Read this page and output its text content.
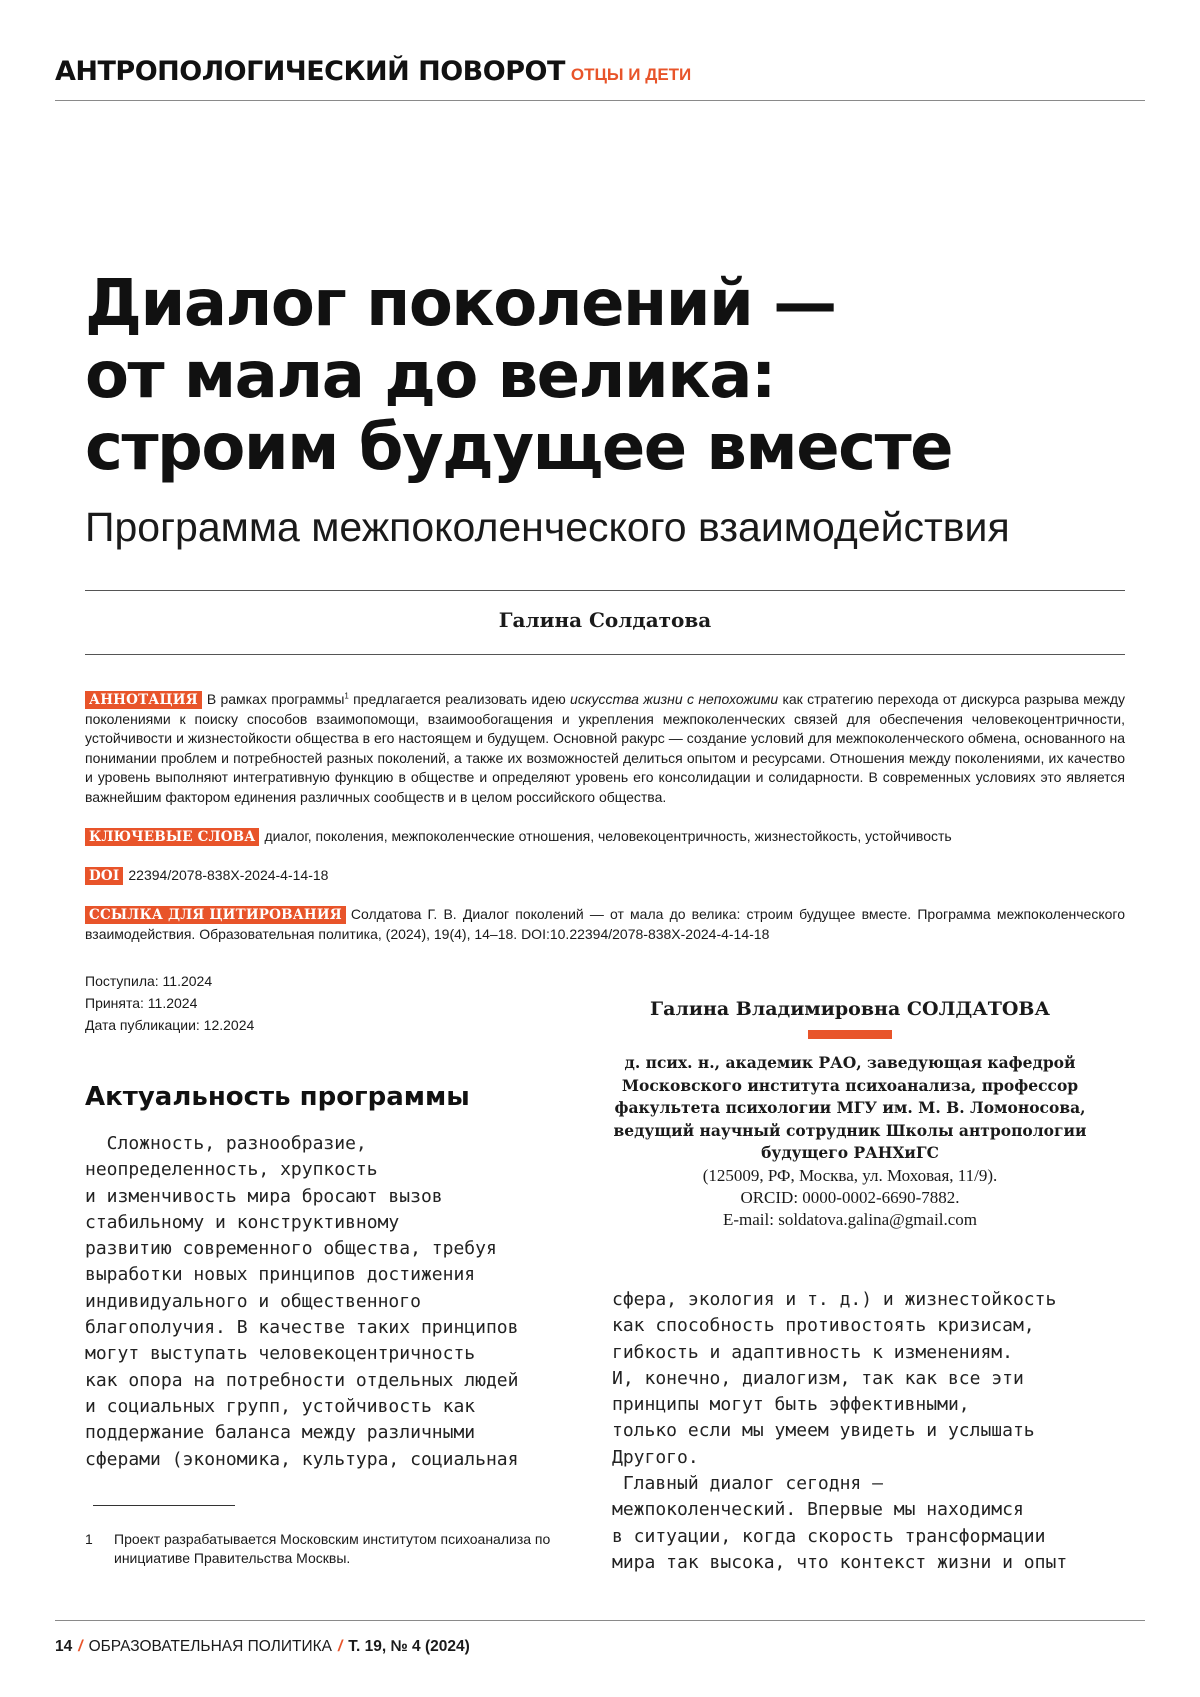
АНТРОПОЛОГИЧЕСКИЙ ПОВОРОТ ОТЦЫ И ДЕТИ
Диалог поколений —
от мала до велика:
строим будущее вместе
Программа межпоколенческого взаимодействия
Галина Солдатова
АННОТАЦИЯ В рамках программы1 предлагается реализовать идею искусства жизни с непохожими как стратегию перехода от дискурса разрыва между поколениями к поиску способов взаимопомощи, взаимообогащения и укрепления межпоколенческих связей для обеспечения человекоцентричности, устойчивости и жизнестойкости общества в его настоящем и будущем. Основной ракурс — создание условий для межпоколенческого обмена, основанного на понимании проблем и потребностей разных поколений, а также их возможностей делиться опытом и ресурсами. Отношения между поколениями, их качество и уровень выполняют интегративную функцию в обществе и определяют уровень его консолидации и солидарности. В современных условиях это является важнейшим фактором единения различных сообществ и в целом российского общества.
КЛЮЧЕВЫЕ СЛОВА диалог, поколения, межпоколенческие отношения, человекоцентричность, жизнестойкость, устойчивость
DOI 22394/2078-838X-2024-4-14-18
ССЫЛКА ДЛЯ ЦИТИРОВАНИЯ Солдатова Г. В. Диалог поколений — от мала до велика: строим будущее вместе. Программа межпоколенческого взаимодействия. Образовательная политика, (2024), 19(4), 14–18. DOI:10.22394/2078-838X-2024-4-14-18
Поступила: 11.2024
Принята: 11.2024
Дата публикации: 12.2024
Галина Владимировна СОЛДАТОВА
д. псих. н., академик РАО, заведующая кафедрой Московского института психоанализа, профессор факультета психологии МГУ им. М. В. Ломоносова, ведущий научный сотрудник Школы антропологии будущего РАНХиГС
(125009, РФ, Москва, ул. Моховая, 11/9).
ORCID: 0000-0002-6690-7882.
E-mail: soldatova.galina@gmail.com
Актуальность программы
Сложность, разнообразие,
неопределенность, хрупкость
и изменчивость мира бросают вызов
стабильному и конструктивному
развитию современного общества, требуя
выработки новых принципов достижения
индивидуального и общественного
благополучия. В качестве таких принципов
могут выступать человекоцентричность
как опора на потребности отдельных людей
и социальных групп, устойчивость как
поддержание баланса между различными
сферами (экономика, культура, социальная
сфера, экология и т. д.) и жизнестойкость
как способность противостоять кризисам,
гибкость и адаптивность к изменениям.
И, конечно, диалогизм, так как все эти
принципы могут быть эффективными,
только если мы умеем увидеть и услышать
Другого.
Главный диалог сегодня —
межпоколенческий. Впервые мы находимся
в ситуации, когда скорость трансформации
мира так высока, что контекст жизни и опыт
1 Проект разрабатывается Московским институтом психоанализа по инициативе Правительства Москвы.
14 / ОБРАЗОВАТЕЛЬНАЯ ПОЛИТИКА / Т. 19, № 4 (2024)
